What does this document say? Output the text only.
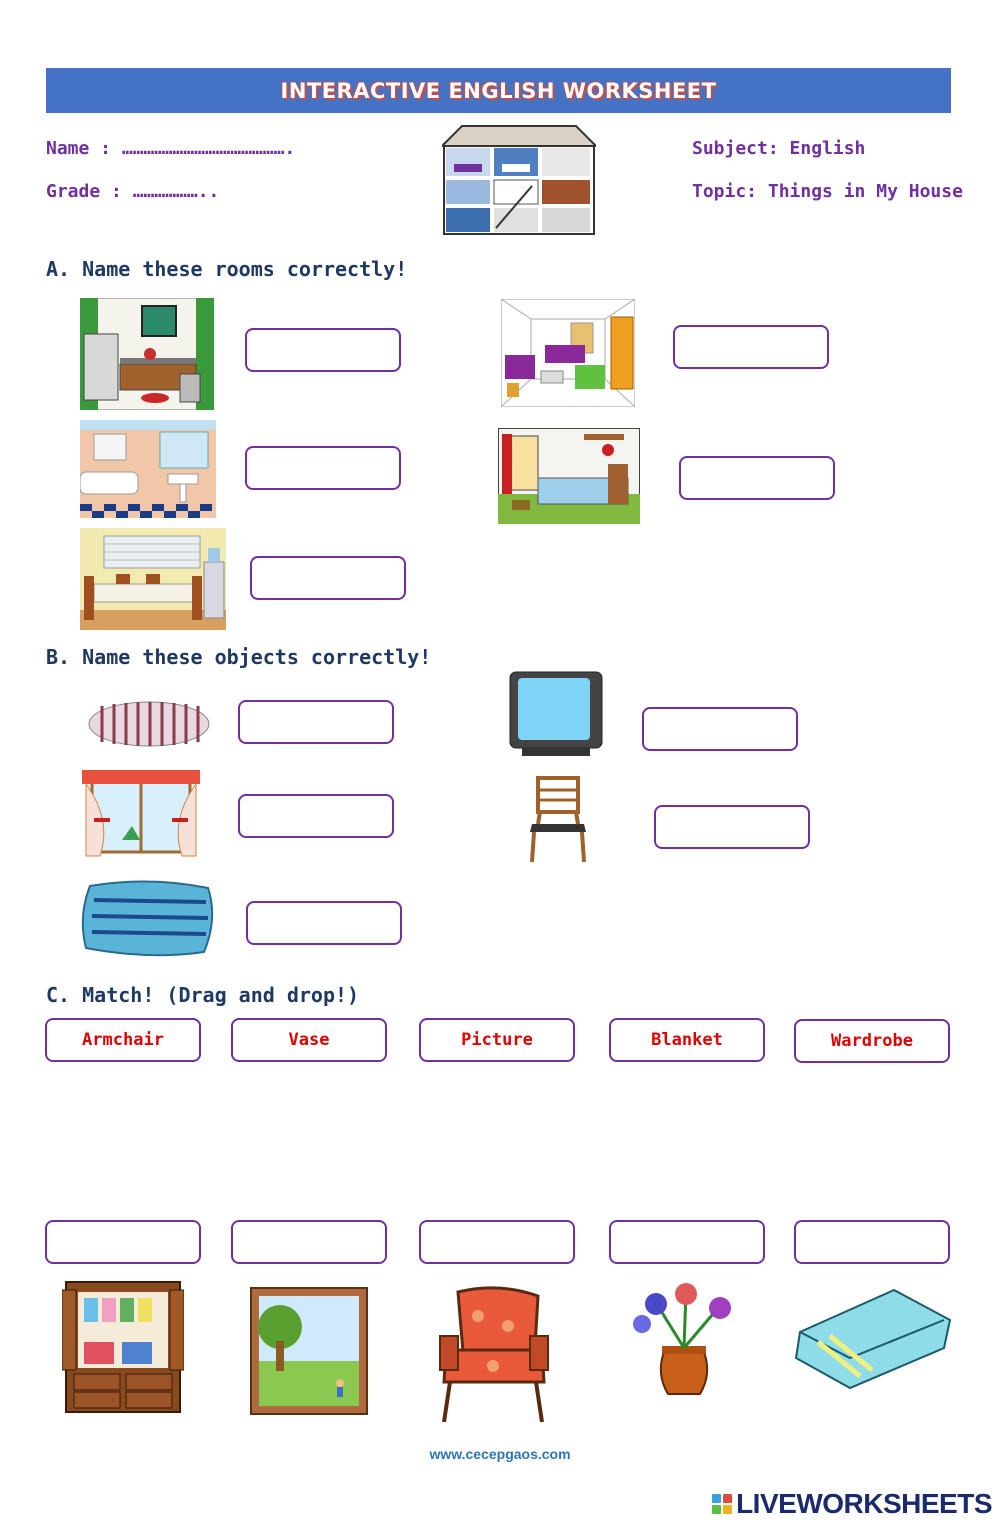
INTERACTIVE ENGLISH WORKSHEET
Name : ……………………………………….
Grade : ………………..
Subject: English
Topic: Things in My House
A. Name these rooms correctly!
B. Name these objects correctly!
C. Match! (Drag and drop!)
Armchair	Vase	Picture	Blanket	Wardrobe
www.cecepgaos.com
LIVEWORKSHEETS
